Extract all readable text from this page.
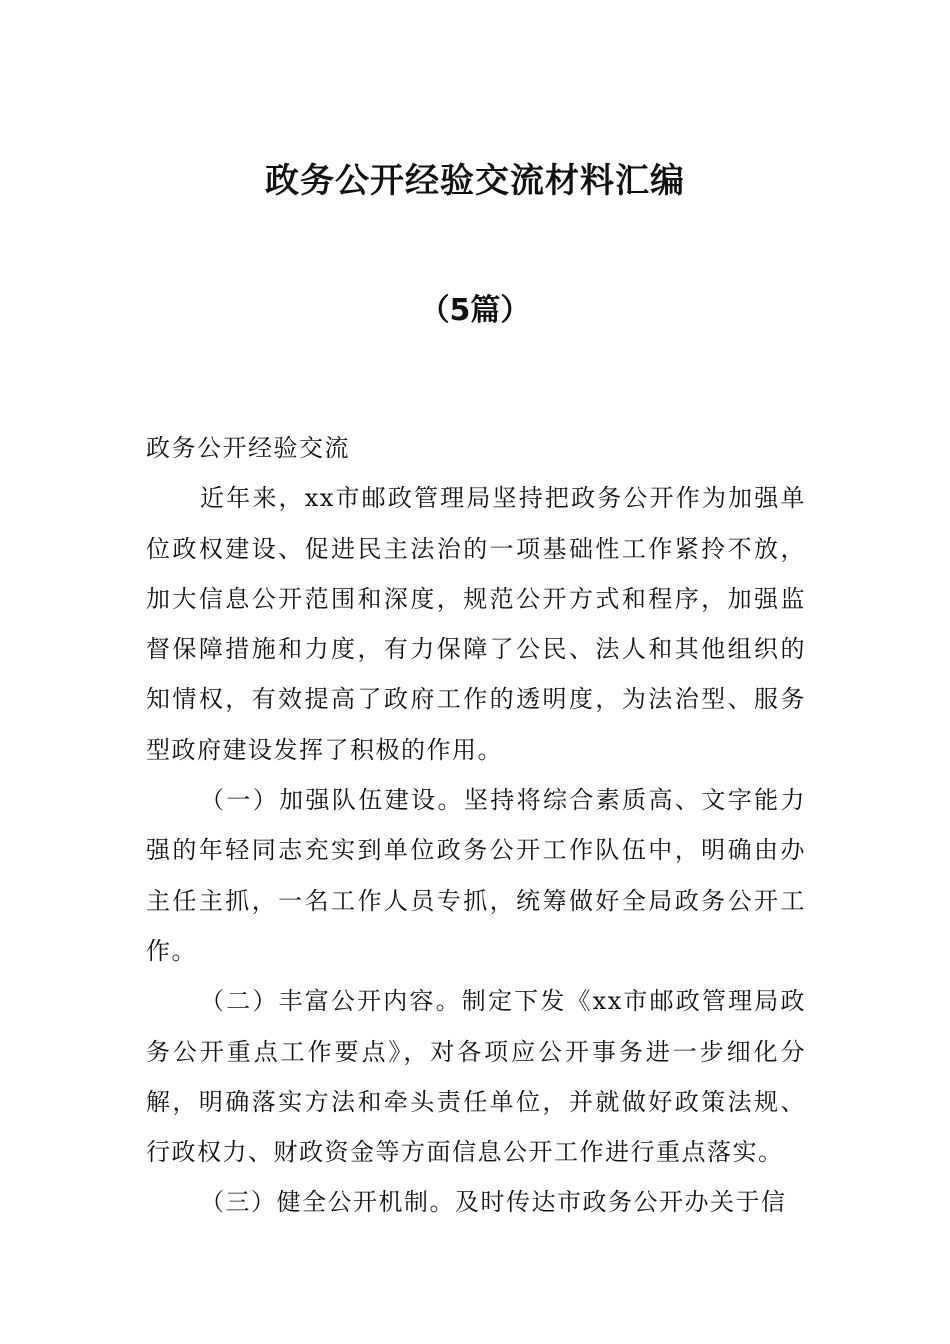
政务公开经验交流材料汇编
（5篇）

政务公开经验交流

近年来，xx市邮政管理局坚持把政务公开作为加强单位政权建设、促进民主法治的一项基础性工作紧拎不放，加大信息公开范围和深度，规范公开方式和程序，加强监督保障措施和力度，有力保障了公民、法人和其他组织的知情权，有效提高了政府工作的透明度，为法治型、服务型政府建设发挥了积极的作用。

（一）加强队伍建设。坚持将综合素质高、文字能力强的年轻同志充实到单位政务公开工作队伍中，明确由办主任主抓，一名工作人员专抓，统筹做好全局政务公开工作。

（二）丰富公开内容。制定下发《xx市邮政管理局政务公开重点工作要点》，对各项应公开事务进一步细化分解，明确落实方法和牵头责任单位，并就做好政策法规、行政权力、财政资金等方面信息公开工作进行重点落实。

（三）健全公开机制。及时传达市政务公开办关于信
